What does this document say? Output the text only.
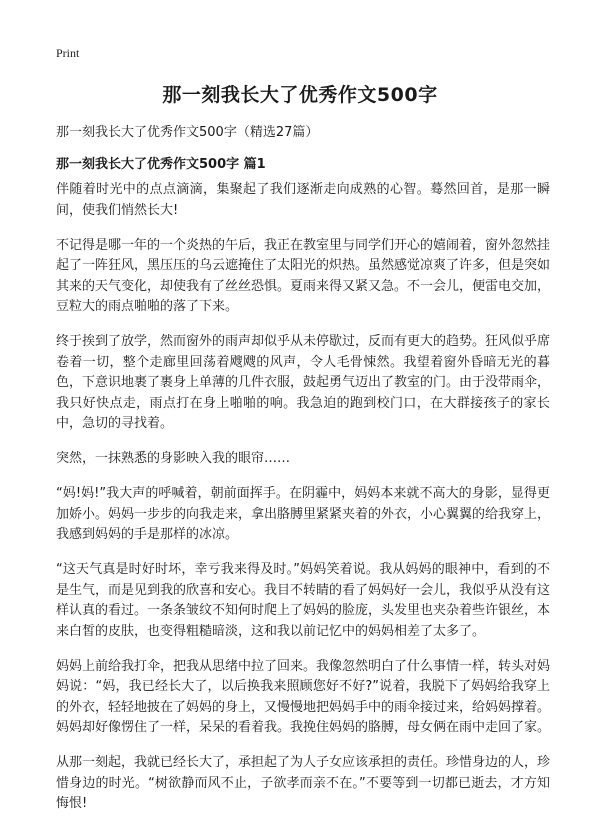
Print
那一刻我长大了优秀作文500字
那一刻我长大了优秀作文500字（精选27篇）
那一刻我长大了优秀作文500字 篇1

伴随着时光中的点点滴滴，集聚起了我们逐渐走向成熟的心智。蓦然回首，是那一瞬间，使我们悄然长大!

不记得是哪一年的一个炎热的午后，我正在教室里与同学们开心的嬉闹着，窗外忽然挂起了一阵狂风，黑压压的乌云遮掩住了太阳光的炽热。虽然感觉凉爽了许多，但是突如其来的天气变化，却使我有了丝丝恐惧。夏雨来得又紧又急。不一会儿，便雷电交加，豆粒大的雨点啪啪的落了下来。

终于挨到了放学，然而窗外的雨声却似乎从未停歇过，反而有更大的趋势。狂风似乎席卷着一切，整个走廊里回荡着飕飕的风声，令人毛骨悚然。我望着窗外昏暗无光的暮色，下意识地裹了裹身上单薄的几件衣服，鼓起勇气迈出了教室的门。由于没带雨伞，我只好快点走，雨点打在身上啪啪的响。我急迫的跑到校门口，在大群接孩子的家长中，急切的寻找着。

突然，一抹熟悉的身影映入我的眼帘……

“妈!妈!”我大声的呼喊着，朝前面挥手。在阴霾中，妈妈本来就不高大的身影，显得更加娇小。妈妈一步步的向我走来，拿出胳膊里紧紧夹着的外衣，小心翼翼的给我穿上，我感到妈妈的手是那样的冰凉。

“这天气真是时好时坏，幸亏我来得及时。”妈妈笑着说。我从妈妈的眼神中，看到的不是生气，而是见到我的欣喜和安心。我目不转睛的看了妈妈好一会儿，我似乎从没有这样认真的看过。一条条皱纹不知何时爬上了妈妈的脸庞，头发里也夹杂着些许银丝，本来白皙的皮肤，也变得粗糙暗淡，这和我以前记忆中的妈妈相差了太多了。

妈妈上前给我打伞，把我从思绪中拉了回来。我像忽然明白了什么事情一样，转头对妈妈说：“妈，我已经长大了，以后换我来照顾您好不好?”说着，我脱下了妈妈给我穿上的外衣，轻轻地披在了妈妈的身上，又慢慢地把妈妈手中的雨伞接过来，给妈妈撑着。妈妈却好像愣住了一样，呆呆的看着我。我挽住妈妈的胳膊，母女俩在雨中走回了家。

从那一刻起，我就已经长大了，承担起了为人子女应该承担的责任。珍惜身边的人，珍惜身边的时光。“树欲静而风不止，子欲孝而亲不在。”不要等到一切都已逝去，才方知悔恨!
